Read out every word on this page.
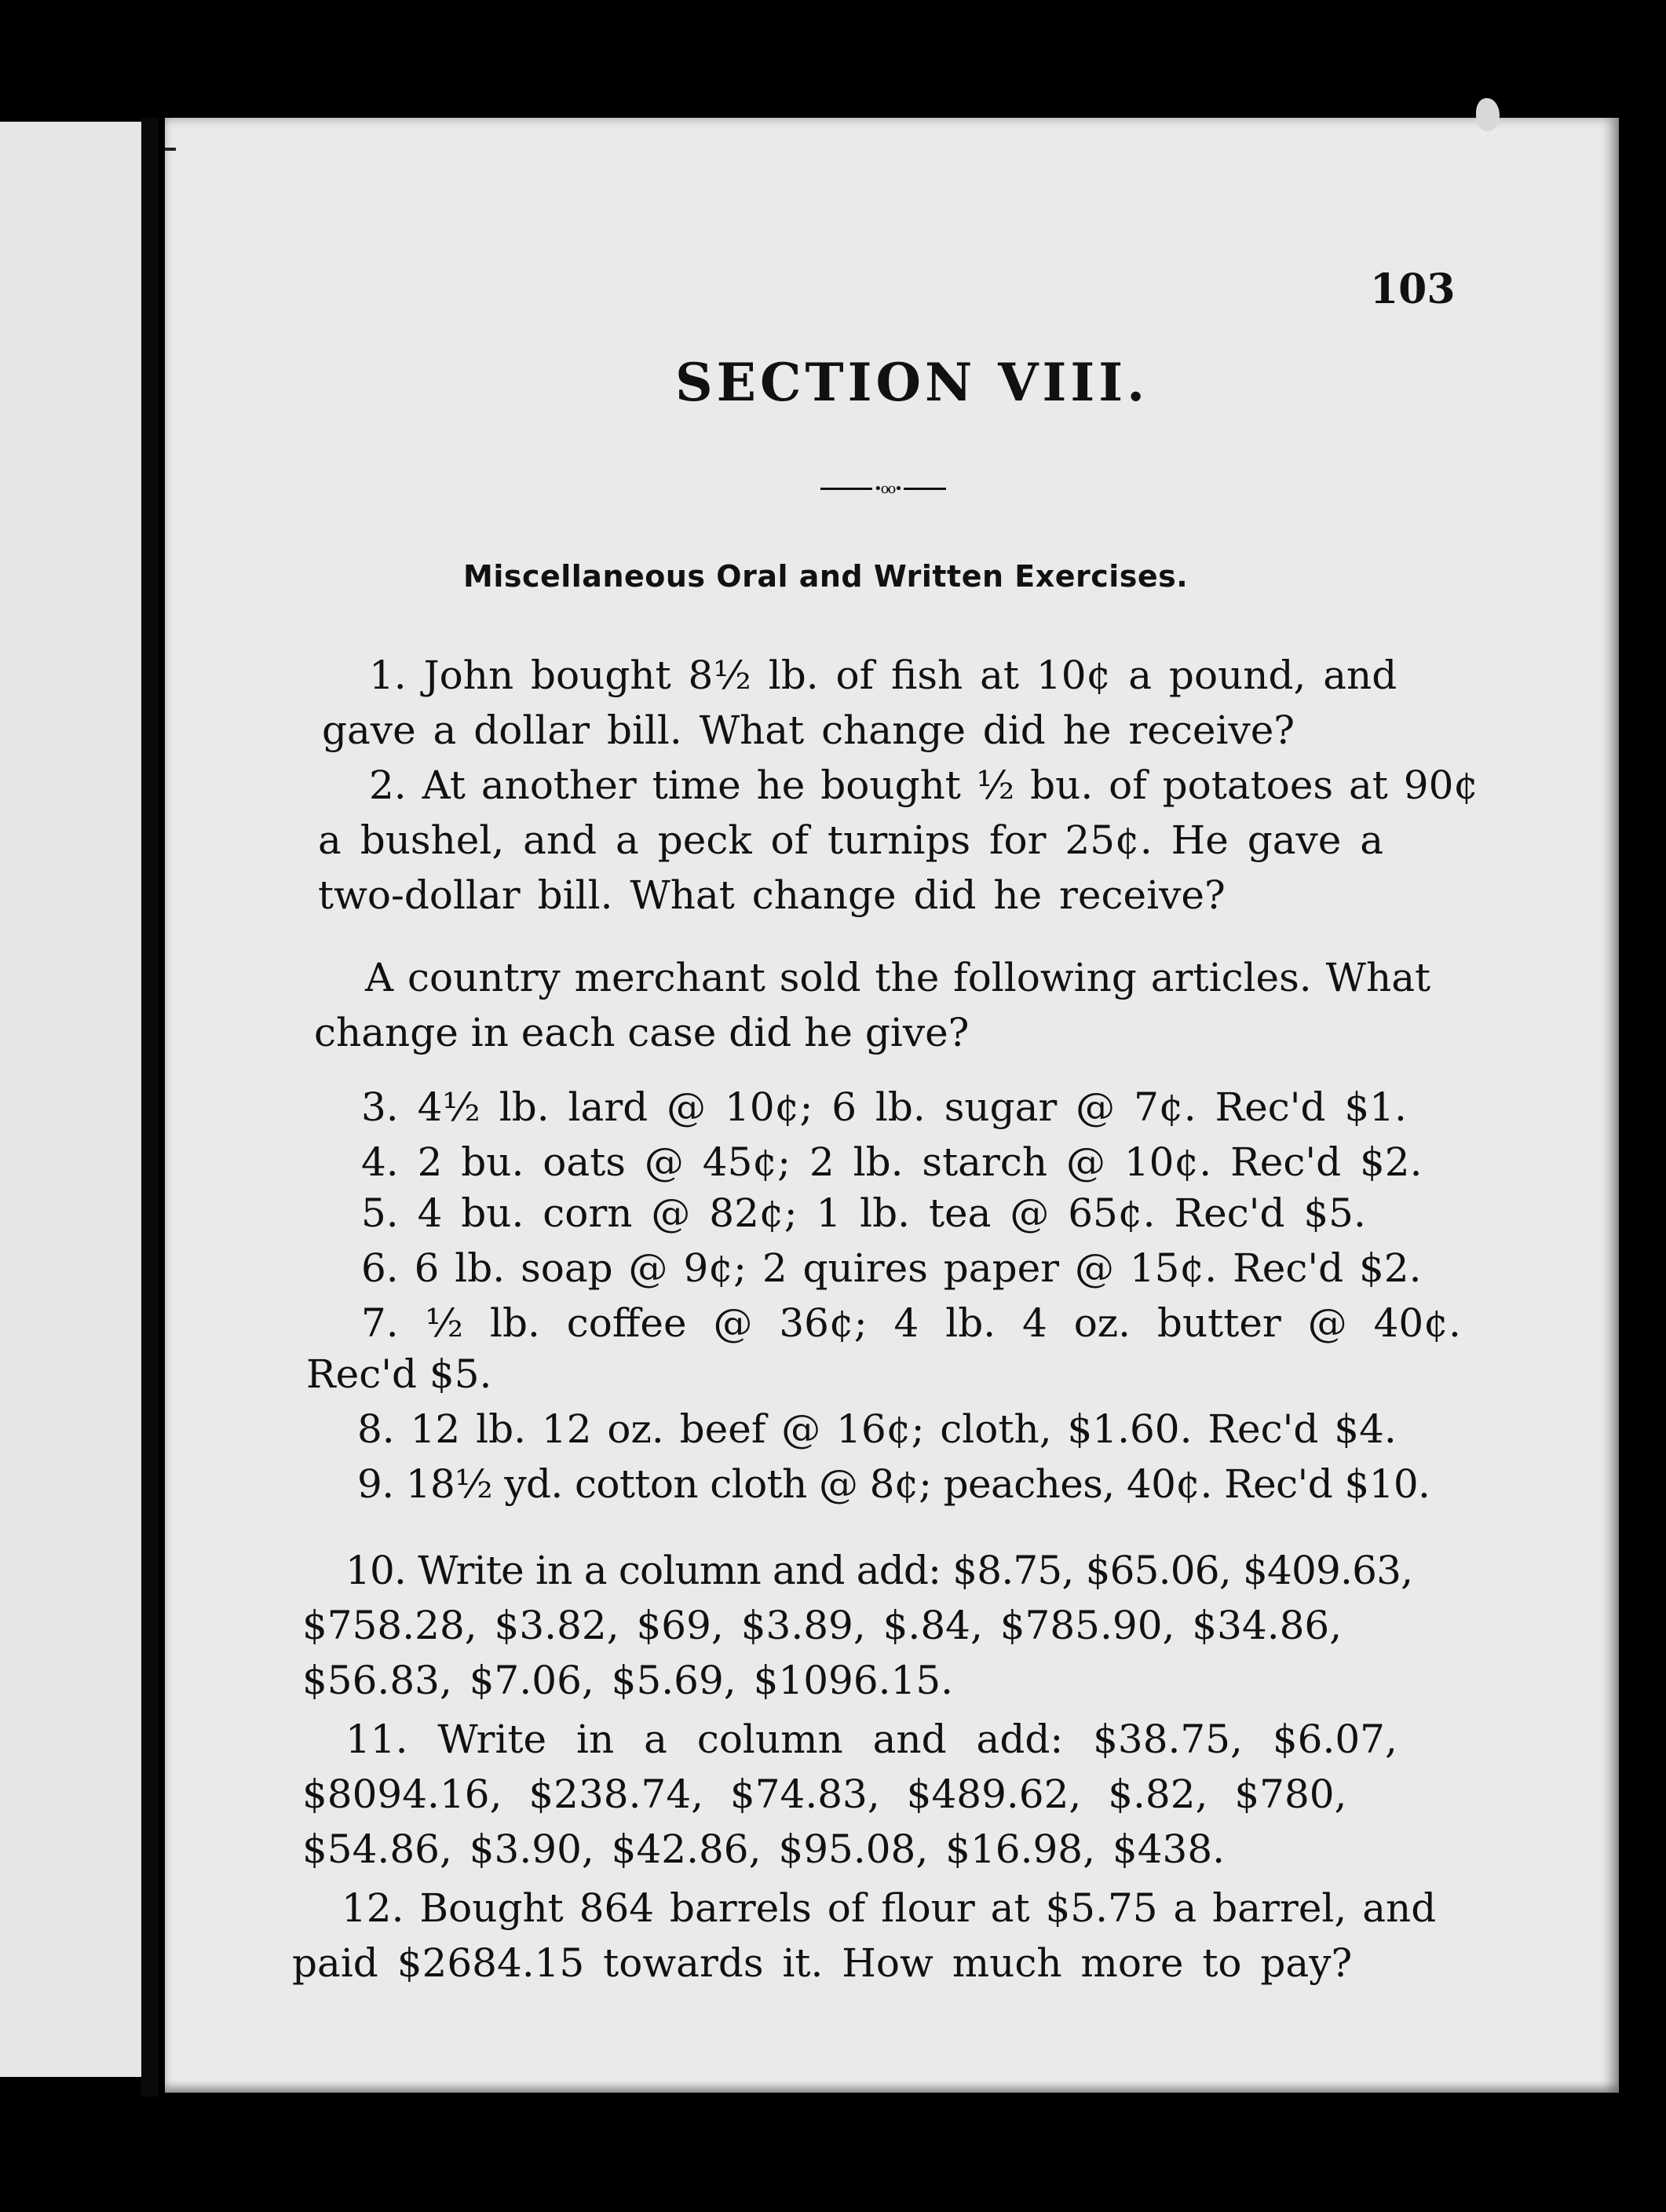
103
SECTION VIII.
•oo•
Miscellaneous Oral and Written Exercises.
1. John bought 8½ lb. of fish at 10¢ a pound, and
gave a dollar bill. What change did he receive?
2. At another time he bought ½ bu. of potatoes at 90¢
a bushel, and a peck of turnips for 25¢. He gave a
two-dollar bill. What change did he receive?
A country merchant sold the following articles. What
change in each case did he give?
3. 4½ lb. lard @ 10¢; 6 lb. sugar @ 7¢. Rec'd $1.
4. 2 bu. oats @ 45¢; 2 lb. starch @ 10¢. Rec'd $2.
5. 4 bu. corn @ 82¢; 1 lb. tea @ 65¢. Rec'd $5.
6. 6 lb. soap @ 9¢; 2 quires paper @ 15¢. Rec'd $2.
7. ½ lb. coffee @ 36¢; 4 lb. 4 oz. butter @ 40¢.
Rec'd $5.
8. 12 lb. 12 oz. beef @ 16¢; cloth, $1.60. Rec'd $4.
9. 18½ yd. cotton cloth @ 8¢; peaches, 40¢. Rec'd $10.
10. Write in a column and add: $8.75, $65.06, $409.63,
$758.28, $3.82, $69, $3.89, $.84, $785.90, $34.86,
$56.83, $7.06, $5.69, $1096.15.
11. Write in a column and add: $38.75, $6.07,
$8094.16, $238.74, $74.83, $489.62, $.82, $780,
$54.86, $3.90, $42.86, $95.08, $16.98, $438.
12. Bought 864 barrels of flour at $5.75 a barrel, and
paid $2684.15 towards it. How much more to pay?
